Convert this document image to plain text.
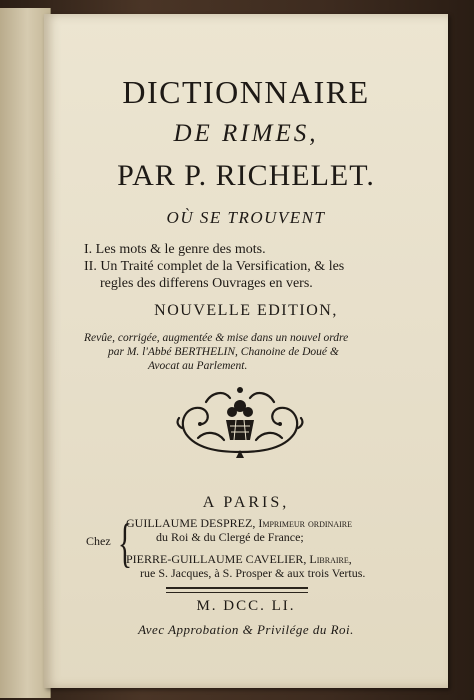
DICTIONNAIRE
DE RIMES,
PAR P. RICHELET.
OÙ SE TROUVENT
I. Les mots & le genre des mots.
II. Un Traité complet de la Versification, & les
regles des differens Ouvrages en vers.
NOUVELLE EDITION,
Revûe, corrigée, augmentée & mise dans un nouvel ordre
par M. l'Abbé BERTHELIN, Chanoine de Doué &
Avocat au Parlement.
A PARIS,
Chez {
GUILLAUME DESPREZ, Imprimeur ordinaire
du Roi & du Clergé de France;
PIERRE-GUILLAUME CAVELIER, Libraire,
rue S. Jacques, à S. Prosper & aux trois Vertus.
M. DCC. LI.
Avec Approbation & Privilége du Roi.
